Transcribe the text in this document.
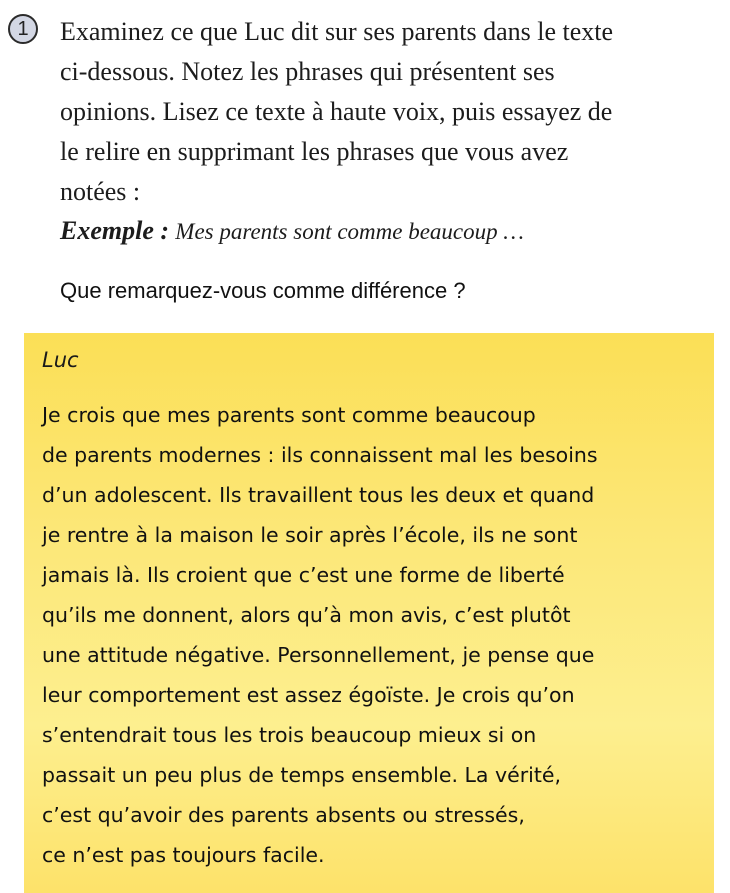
1	Examinez ce que Luc dit sur ses parents dans le texte
ci-dessous. Notez les phrases qui présentent ses
opinions. Lisez ce texte à haute voix, puis essayez de
le relire en supprimant les phrases que vous avez
notées :
Exemple : Mes parents sont comme beaucoup …
Que remarquez-vous comme différence ?
Luc
Je crois que mes parents sont comme beaucoup
de parents modernes : ils connaissent mal les besoins
d’un adolescent. Ils travaillent tous les deux et quand
je rentre à la maison le soir après l’école, ils ne sont
jamais là. Ils croient que c’est une forme de liberté
qu’ils me donnent, alors qu’à mon avis, c’est plutôt
une attitude négative. Personnellement, je pense que
leur comportement est assez égoïste. Je crois qu’on
s’entendrait tous les trois beaucoup mieux si on
passait un peu plus de temps ensemble. La vérité,
c’est qu’avoir des parents absents ou stressés,
ce n’est pas toujours facile.
